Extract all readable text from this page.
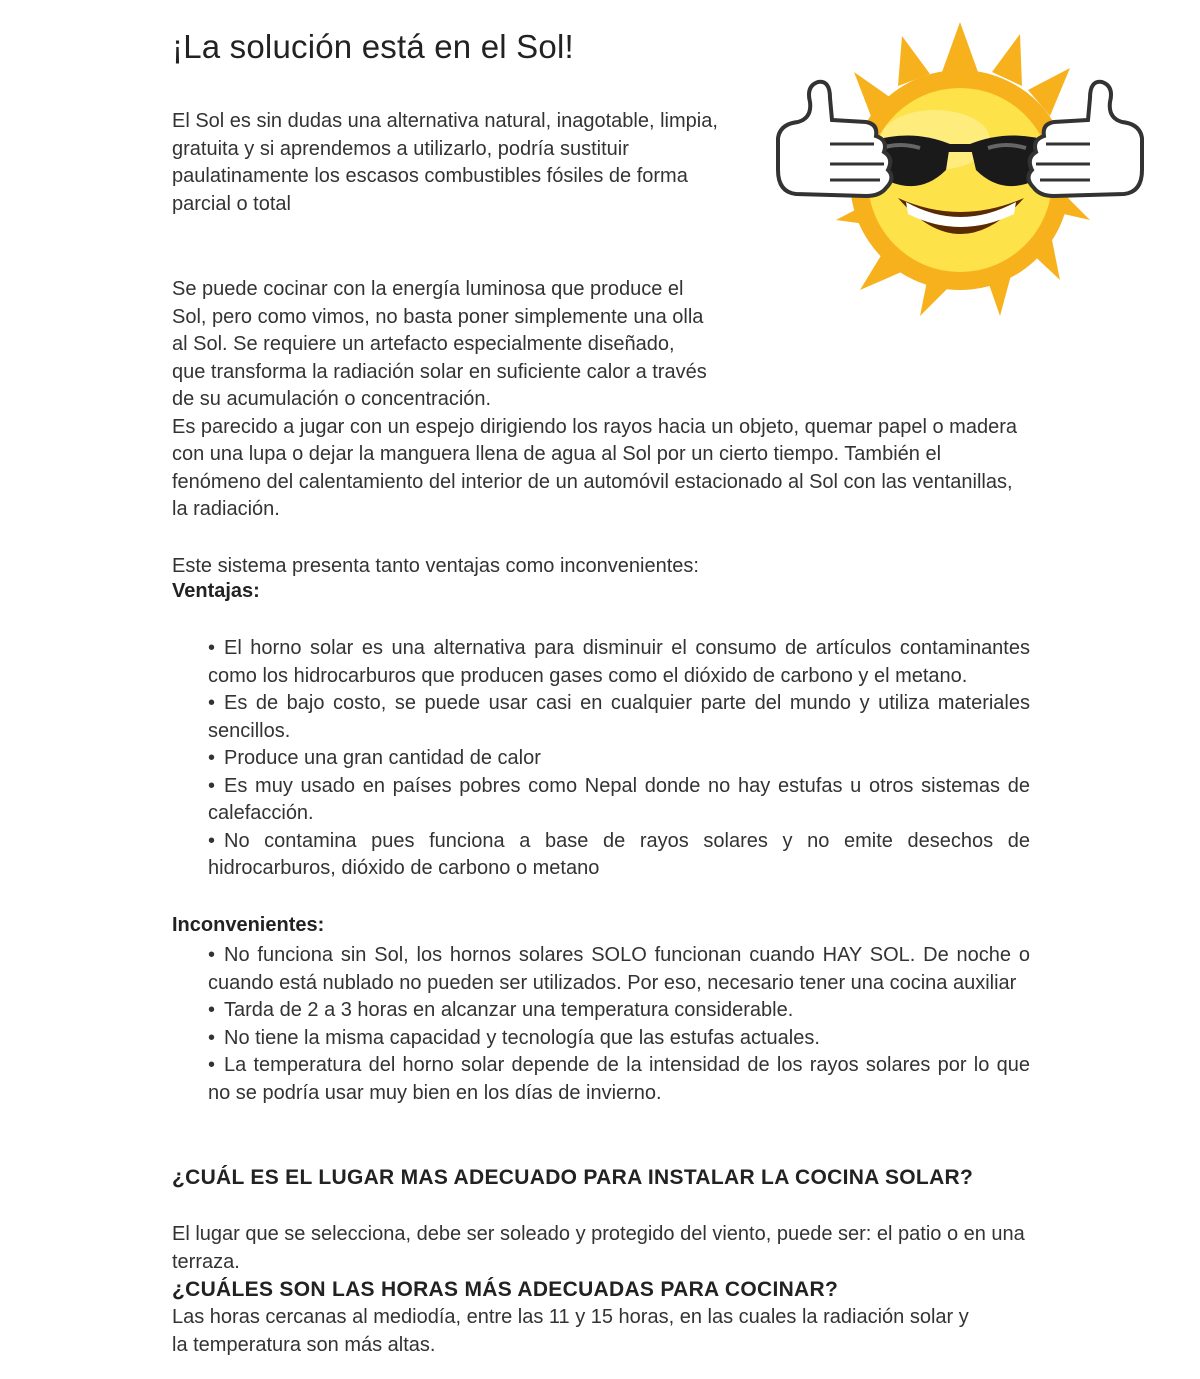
¡La solución está en el Sol!

El Sol es sin dudas una alternativa natural, inagotable, limpia, gratuita y si aprendemos a utilizarlo, podría sustituir paulatinamente los escasos combustibles fósiles de forma parcial o total

Se puede cocinar con la energía luminosa que produce el Sol, pero como vimos, no basta poner simplemente una olla al Sol. Se requiere un artefacto especialmente diseñado, que transforma la radiación solar en suficiente calor a través de su acumulación o concentración.

Es parecido a jugar con un espejo dirigiendo los rayos hacia un objeto, quemar papel o madera con una lupa o dejar la manguera llena de agua al Sol por un cierto tiempo. También el fenómeno del calentamiento del interior de un automóvil estacionado al Sol con las ventanillas, la radiación.

Este sistema presenta tanto ventajas como inconvenientes:

Ventajas:
• El horno solar es una alternativa para disminuir el consumo de artículos contaminantes como los hidrocarburos que producen gases como el dióxido de carbono y el metano.
• Es de bajo costo, se puede usar casi en cualquier parte del mundo y utiliza materiales sencillos.
• Produce una gran cantidad de calor
• Es muy usado en países pobres como Nepal donde no hay estufas u otros sistemas de calefacción.
• No contamina pues funciona a base de rayos solares y no emite desechos de hidrocarburos, dióxido de carbono o metano
Inconvenientes:
• No funciona sin Sol, los hornos solares SOLO funcionan cuando HAY SOL. De noche o cuando está nublado no pueden ser utilizados. Por eso, necesario tener una cocina auxiliar
• Tarda de 2 a 3 horas en alcanzar una temperatura considerable.
• No tiene la misma capacidad y tecnología que las estufas actuales.
• La temperatura del horno solar depende de la intensidad de los rayos solares por lo que no se podría usar muy bien en los días de invierno.
¿CUÁL ES EL LUGAR MAS ADECUADO PARA INSTALAR LA COCINA SOLAR?

El lugar que se selecciona, debe ser soleado y protegido del viento, puede ser: el patio o en una terraza.

¿CUÁLES SON LAS HORAS MÁS ADECUADAS PARA COCINAR?

Las horas cercanas al mediodía, entre las 11 y 15 horas, en las cuales la radiación solar y la temperatura son más altas.
